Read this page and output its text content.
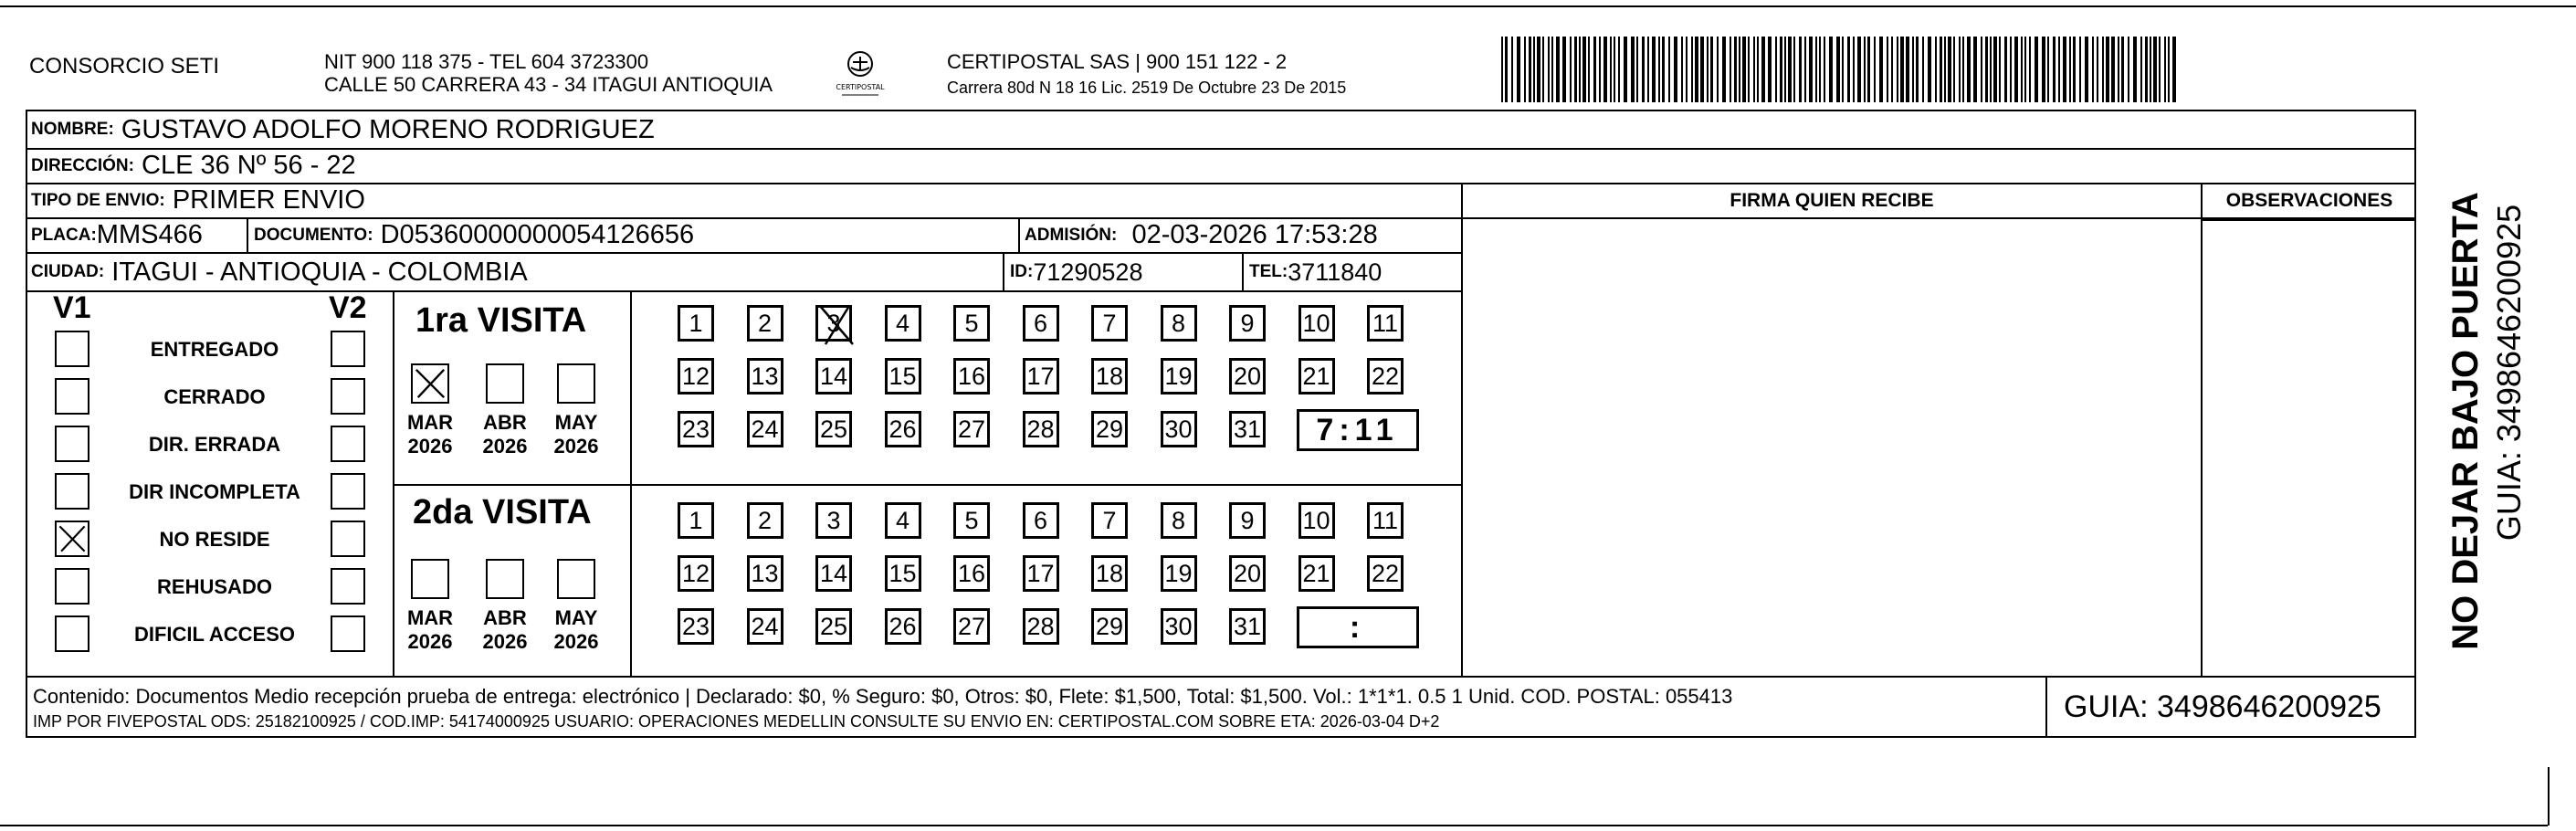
CONSORCIO SETI	NIT 900 118 375 - TEL 604 3723300
CALLE 50 CARRERA 43 - 34 ITAGUI ANTIOQUIA	CERTIPOSTAL
CERTIPOSTAL SAS | 900 151 122 - 2
Carrera 80d N 18 16 Lic. 2519 De Octubre 23 De 2015
NOMBRE:
GUSTAVO ADOLFO MORENO RODRIGUEZ
DIRECCIÓN:
CLE 36 Nº 56 - 22
TIPO DE ENVIO:
PRIMER ENVIO	FIRMA QUIEN RECIBE	OBSERVACIONES
PLACA: MMS466	DOCUMENTO:
D05360000000054126656	ADMISIÓN:
02-03-2026 17:53:28
CIUDAD:
ITAGUI - ANTIOQUIA - COLOMBIA	ID: 71290528	TEL: 3711840
V1	V2
ENTREGADO
CERRADO
DIR. ERRADA
DIR INCOMPLETA
NO RESIDE
REHUSADO
DIFICIL ACCESO
1ra VISITA
2da VISITA
MAR
2026
ABR
2026
MAY
2026
MAR
2026
ABR
2026
MAY
2026
1	2	3	4	5	6	7	8	9	10 11
12 13 14 15 16 17 18 19 20 21 22
23 24 25 26 27 28 29 30 31	7:11
1	2	3	4	5	6	7	8	9	10 11
12 13 14 15 16 17 18 19 20 21 22
23 24 25 26 27 28 29 30 31	:
Contenido: Documentos Medio recepción prueba de entrega: electrónico | Declarado: $0, % Seguro: $0, Otros: $0, Flete: $1,500, Total: $1,500. Vol.: 1*1*1. 0.5 1 Unid. COD. POSTAL: 055413
IMP POR FIVEPOSTAL ODS: 25182100925 / COD.IMP: 54174000925 USUARIO: OPERACIONES MEDELLIN CONSULTE SU ENVIO EN: CERTIPOSTAL.COM SOBRE ETA: 2026-03-04 D+2	GUIA: 3498646200925
NO DEJAR BAJO PUERTA GUIA: 3498646200925
